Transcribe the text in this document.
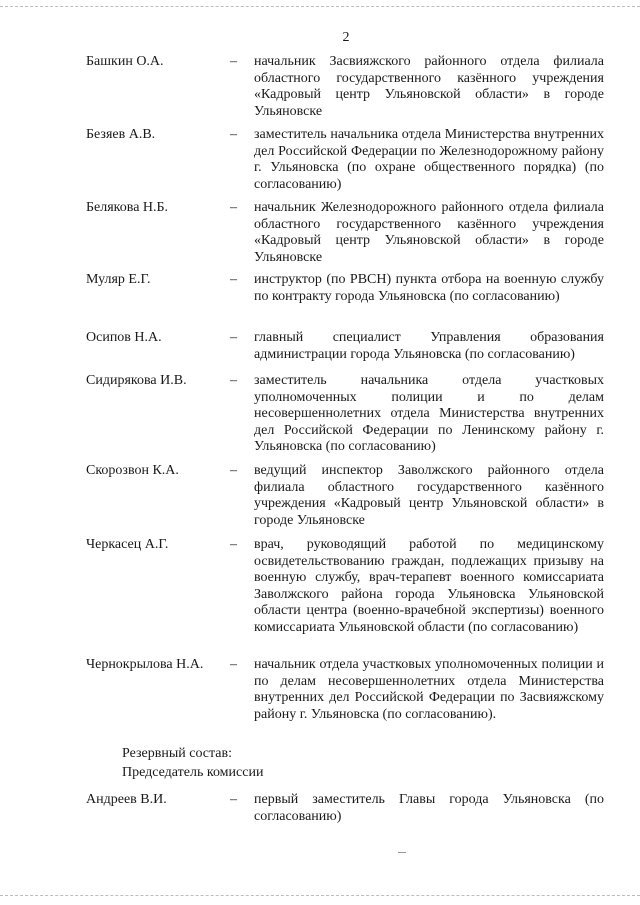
2
Башкин О.А.	– начальник Засвияжского районного отдела филиала областного государственного казённого учреждения «Кадровый центр Ульяновской области» в городе Ульяновске
Безяев А.В.	– заместитель начальника отдела Министерства внутренних дел Российской Федерации по Железнодорожному району г. Ульяновска (по охране общественного порядка) (по согласованию)
Белякова Н.Б.	– начальник Железнодорожного районного отдела филиала областного государственного казённого учреждения «Кадровый центр Ульяновской области» в городе Ульяновске
Муляр Е.Г.	– инструктор (по РВСН) пункта отбора на военную службу по контракту города Ульяновска (по согласованию)
Осипов Н.А.	– главный специалист Управления образования администрации города Ульяновска (по согласованию)
Сидирякова И.В.	– заместитель начальника отдела участковых уполномоченных полиции и по делам несовершеннолетних отдела Министерства внутренних дел Российской Федерации по Ленинскому району г. Ульяновска (по согласованию)
Скорозвон К.А.	– ведущий инспектор Заволжского районного отдела филиала областного государственного казённого учреждения «Кадровый центр Ульяновской области» в городе Ульяновске
Черкасец А.Г.	– врач, руководящий работой по медицинскому освидетельствованию граждан, подлежащих призыву на военную службу, врач-терапевт военного комиссариата Заволжского района города Ульяновска Ульяновской области центра (военно-врачебной экспертизы) военного комиссариата Ульяновской области (по согласованию)
Чернокрылова Н.А. – начальник отдела участковых уполномоченных полиции и по делам несовершеннолетних отдела Министерства внутренних дел Российской Федерации по Засвияжскому району г. Ульяновска (по согласованию).
Резервный состав:
Председатель комиссии
Андреев В.И.	– первый заместитель Главы города Ульяновска (по согласованию)
